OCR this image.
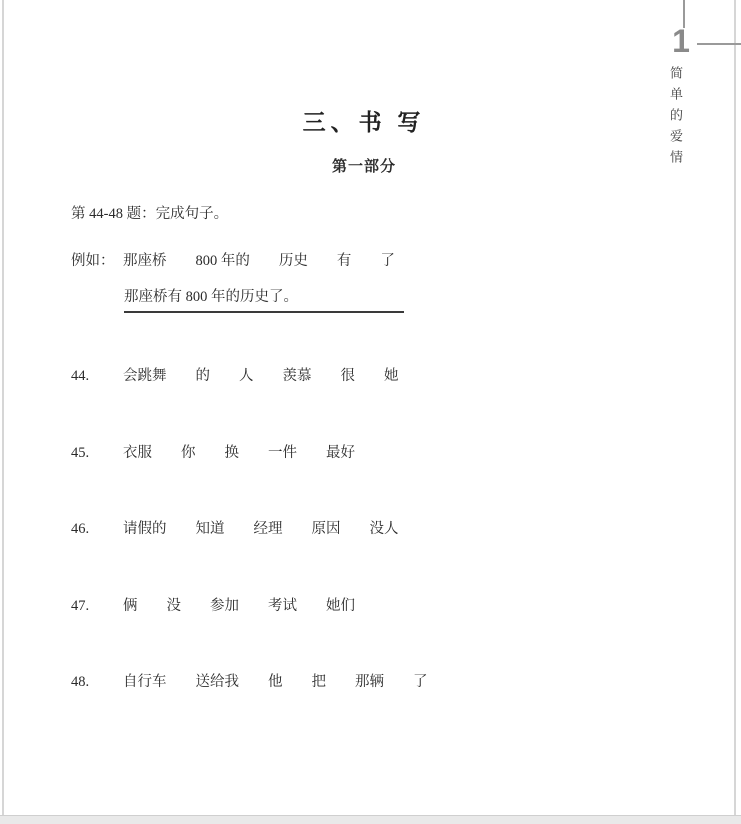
1
简单的爱情
三、书 写
第一部分
第 44-48 题：完成句子。
例如： 那座桥 800 年的 历史 有 了
那座桥有 800 年的历史了。
44.	会跳舞 的 人 羡慕 很 她
45.	衣服 你 换 一件 最好
46.	请假的 知道 经理 原因 没人
47.	俩 没 参加 考试 她们
48.	自行车 送给我 他 把 那辆 了
